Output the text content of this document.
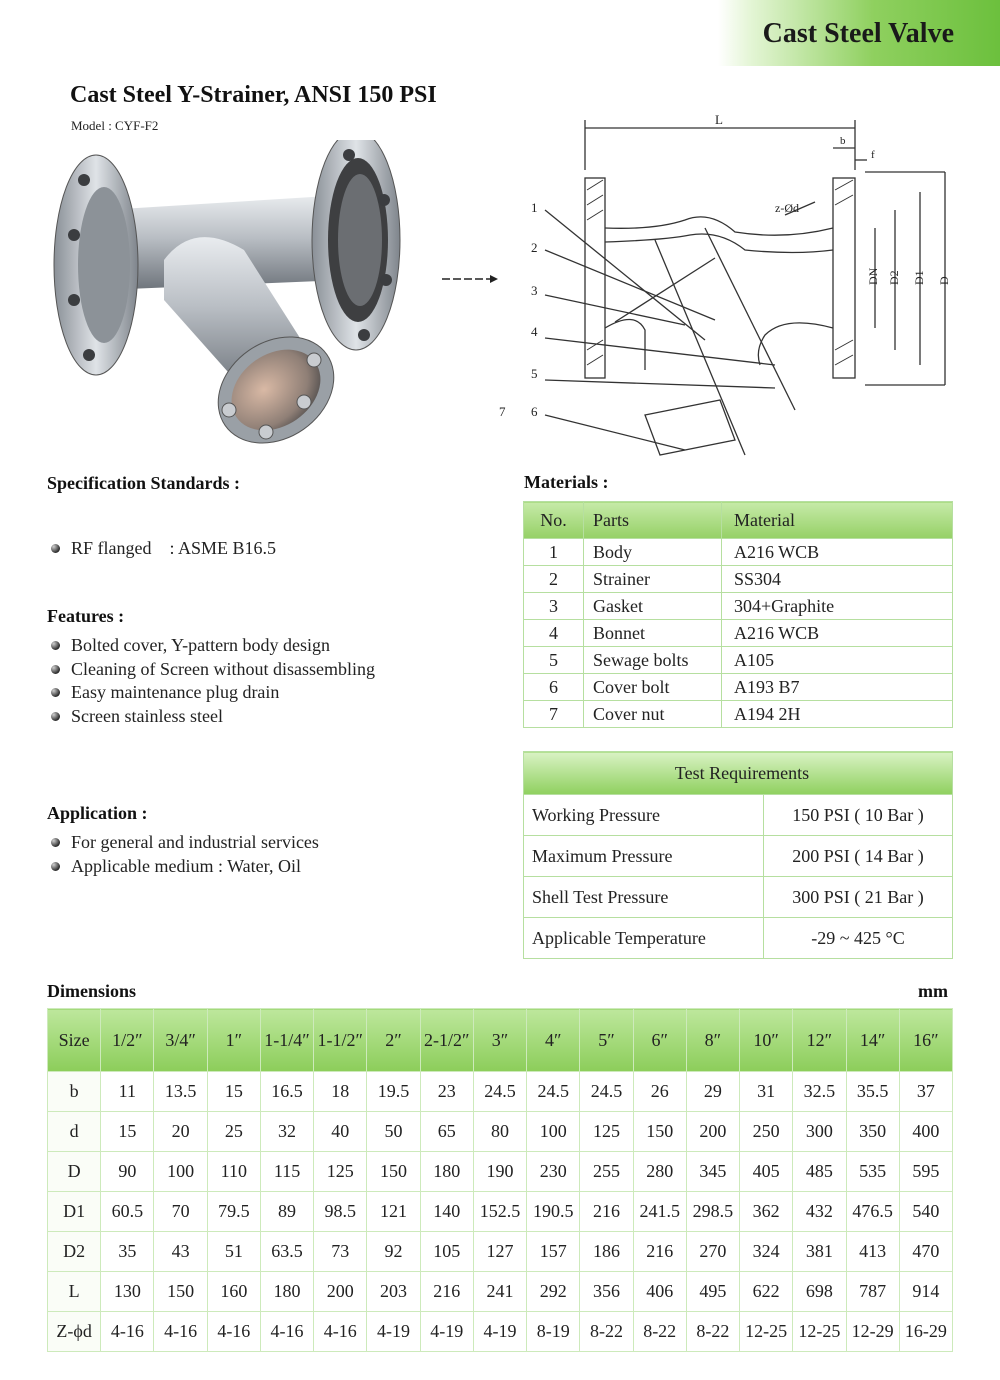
Cast Steel Valve
Cast Steel Y-Strainer, ANSI 150 PSI
Model : CYF-F2	L
b
f
z-Ød
DN D2 D1 D
1
2
3
4
5
6
7
Specification Standards :

RF flanged    : ASME B16.5

Features :
Bolted cover, Y-pattern body design
Cleaning of Screen without disassembling
Easy maintenance plug drain
Screen stainless steel
Application :
For general and industrial services
Applicable medium : Water, Oil
Materials :
No.	Parts	Material
1	Body	A216 WCB
2	Strainer	SS304
3	Gasket	304+Graphite
4	Bonnet	A216 WCB
5	Sewage bolts	A105
6	Cover bolt	A193 B7
7	Cover nut	A194 2H
Test Requirements	
Working Pressure	150 PSI ( 10 Bar )
Maximum Pressure	200 PSI ( 14 Bar )
Shell Test Pressure	300 PSI ( 21 Bar )
Applicable Temperature	-29 ~ 425 °C
Dimensions	mm
Size	1/2″	3/4″	1″	1-1/4″	1-1/2″	2″	2-1/2″	3″	4″	5″	6″	8″	10″	12″	14″	16″
b	11	13.5	15	16.5	18	19.5	23	24.5	24.5	24.5	26	29	31	32.5	35.5	37
d	15	20	25	32	40	50	65	80	100	125	150	200	250	300	350	400
D	90	100	110	115	125	150	180	190	230	255	280	345	405	485	535	595
D1	60.5	70	79.5	89	98.5	121	140	152.5	190.5	216	241.5	298.5	362	432	476.5	540
D2	35	43	51	63.5	73	92	105	127	157	186	216	270	324	381	413	470
L	130	150	160	180	200	203	216	241	292	356	406	495	622	698	787	914
Z-ϕd	4-16	4-16	4-16	4-16	4-16	4-19	4-19	4-19	8-19	8-22	8-22	8-22	12-25	12-25	12-29	16-29
